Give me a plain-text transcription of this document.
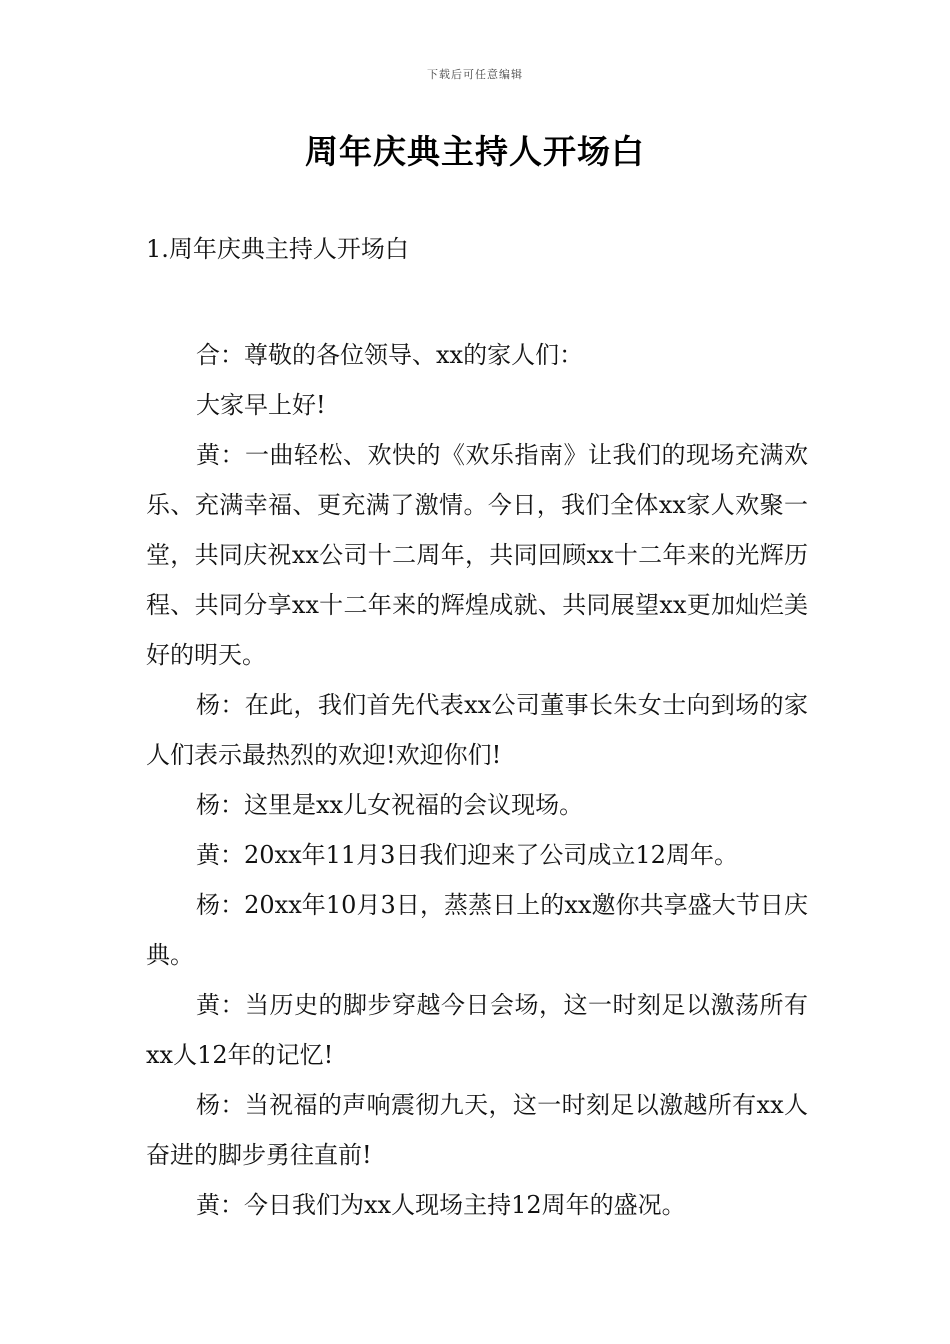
下载后可任意编辑
周年庆典主持人开场白
1.周年庆典主持人开场白

合：尊敬的各位领导、xx的家人们：

大家早上好!

黄：一曲轻松、欢快的《欢乐指南》让我们的现场充满欢乐、充满幸福、更充满了激情。今日，我们全体xx家人欢聚一堂，共同庆祝xx公司十二周年，共同回顾xx十二年来的光辉历程、共同分享xx十二年来的辉煌成就、共同展望xx更加灿烂美好的明天。

杨：在此，我们首先代表xx公司董事长朱女士向到场的家人们表示最热烈的欢迎!欢迎你们!

杨：这里是xx儿女祝福的会议现场。

黄：20xx年11月3日我们迎来了公司成立12周年。

杨：20xx年10月3日，蒸蒸日上的xx邀你共享盛大节日庆典。

黄：当历史的脚步穿越今日会场，这一时刻足以激荡所有xx人12年的记忆!

杨：当祝福的声响震彻九天，这一时刻足以激越所有xx人奋进的脚步勇往直前!

黄：今日我们为xx人现场主持12周年的盛况。
